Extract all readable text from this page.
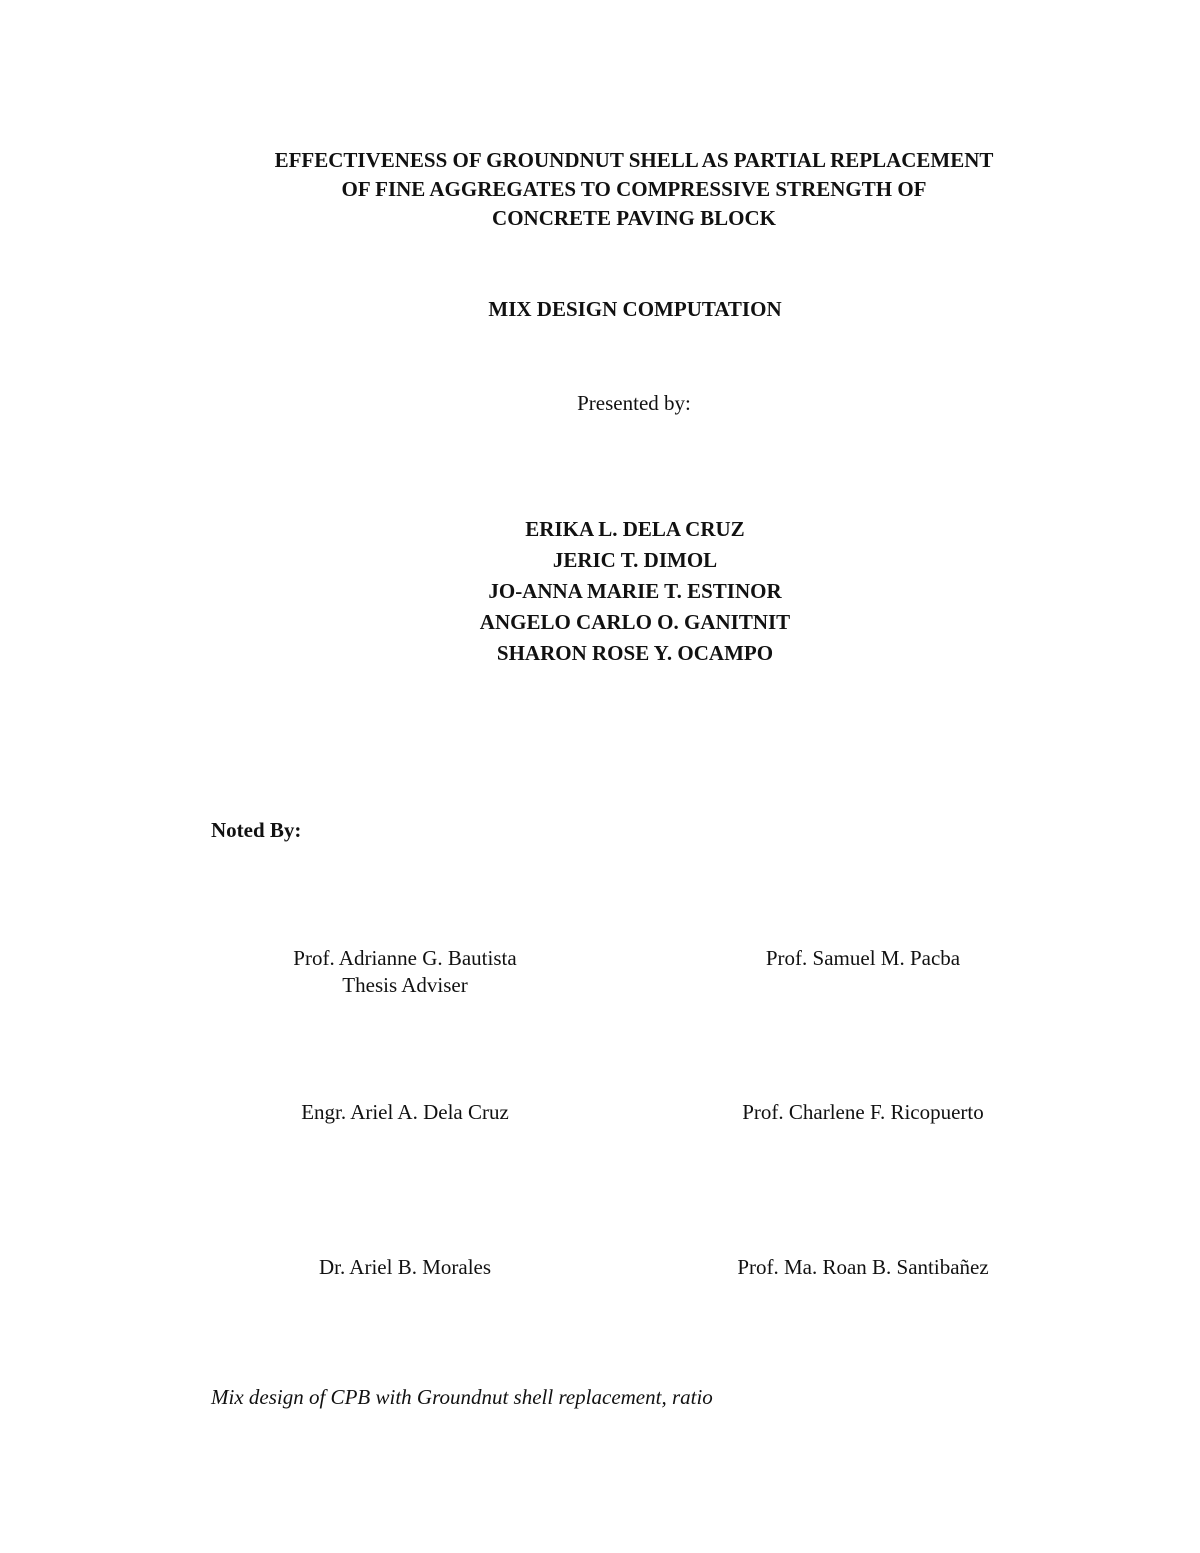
EFFECTIVENESS OF GROUNDNUT SHELL AS PARTIAL REPLACEMENT
OF FINE AGGREGATES TO COMPRESSIVE STRENGTH OF
CONCRETE PAVING BLOCK
MIX DESIGN COMPUTATION
Presented by:
ERIKA L. DELA CRUZ
JERIC T. DIMOL
JO-ANNA MARIE T. ESTINOR
ANGELO CARLO O. GANITNIT
SHARON ROSE Y. OCAMPO
Noted By:
Prof. Adrianne G. Bautista
Thesis Adviser
Prof. Samuel M. Pacba
Engr. Ariel A. Dela Cruz	Prof. Charlene F. Ricopuerto
Dr. Ariel B. Morales	Prof. Ma. Roan B. Santibañez
Mix design of CPB with Groundnut shell replacement, ratio
